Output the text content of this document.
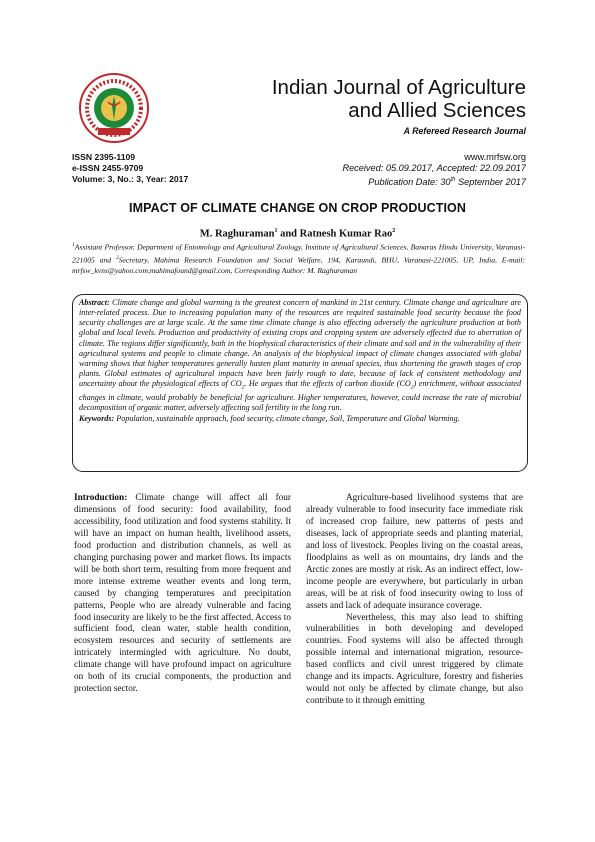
Indian Journal of Agriculture
and Allied Sciences
A Refereed Research Journal
ISSN 2395-1109
e-ISSN 2455-9709
Volume: 3, No.: 3, Year: 2017
www.mrfsw.org
Received: 05.09.2017, Accepted: 22.09.2017
Publication Date: 30th September 2017
IMPACT OF CLIMATE CHANGE ON CROP PRODUCTION
M. Raghuraman$^1$ and Ratnesh Kumar Rao$^2$
$^1$Assistant Professor, Department of Entomology and Agricultural Zoology, Institute of Agricultural Sciences, Banaras Hindu University, Varanasi-221005 and $^2$Secretary, Mahima Research Foundation and Social Welfare, 194, Karaundi, BHU, Varanasi-221005, UP, India, E-mail: mrfsw_kvns@yahoo.com,mahimafound@gmail.com, Corresponding Author: M. Raghuraman
Abstract: Climate change and global warming is the greatest concern of mankind in 21st century. Climate change and agriculture are inter-related process. Due to increasing population many of the resources are required sustainable food security because the food security challenges are at large scale. At the same time climate change is also effecting adversely the agriculture production at both global and local levels. Production and productivity of existing crops and cropping system are adversely effected due to aberration of climate. The regions differ significantly, both in the biophysical characteristics of their climate and soil and in the vulnerability of their agricultural systems and people to climate change. An analysis of the biophysical impact of climate changes associated with global warming shows that higher temperatures generally hasten plant maturity in annual species, thus shortening the growth stages of crop plants. Global estimates of agricultural impacts have been fairly rough to date, because of lack of consistent methodology and uncertainty about the physiological effects of $CO_2$. He argues that the effects of carbon dioxide $(CO_2)$ enrichment, without associated changes in climate, would probably be beneficial for agriculture. Higher temperatures, however, could increase the rate of microbial decomposition of organic matter, adversely affecting soil fertility in the long run.
Keywords: Population, sustainable approach, food security, climate change, Soil, Temperature and Global Warming.

Introduction: Climate change will affect all four dimensions of food security: food availability, food accessibility, food utilization and food systems stability. It will have an impact on human health, livelihood assets, food production and distribution channels, as well as changing purchasing power and market flows. Its impacts will be both short term, resulting from more frequent and more intense extreme weather events and long term, caused by changing temperatures and precipitation patterns, People who are already vulnerable and facing food insecurity are likely to be the first affected. Access to sufficient food, clean water, stable health condition, ecosystem resources and security of settlements are intricately intermingled with agriculture. No doubt, climate change will have profound impact on agriculture on both of its crucial components, the production and protection sector.

Agriculture-based livelihood systems that are already vulnerable to food insecurity face immediate risk of increased crop failure, new patterns of pests and diseases, lack of appropriate seeds and planting material, and loss of livestock. Peoples living on the coastal areas, floodplains as well as on mountains, dry lands and the Arctic zones are mostly at risk. As an indirect effect, low-income people are everywhere, but particularly in urban areas, will be at risk of food insecurity owing to loss of assets and lack of adequate insurance coverage.

Nevertheless, this may also lead to shifting vulnerabilities in both developing and developed countries. Food systems will also be affected through possible internal and international migration, resource- based conflicts and civil unrest triggered by climate change and its impacts. Agriculture, forestry and fisheries would not only be affected by climate change, but also contribute to it through emitting
